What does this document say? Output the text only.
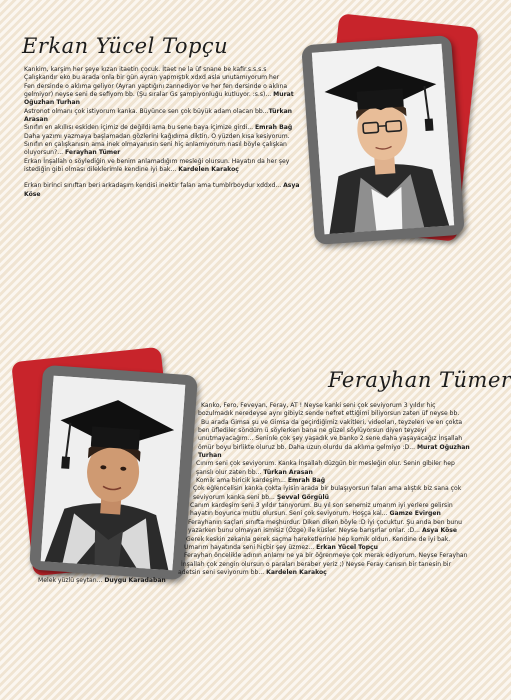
Erkan Yücel Topçu

Kankim, karşim her şeye kızan itaetin çocuk. İtaet ne la üf snane be kafir.s.s.s.s

Çalışkandır eko bu arada onla bir gün ayran yapmıştık xdxd asla unutamıyorum her

Fen dersinde o aklıma geliyor (Ayran yaptığını zannediyor ve her fen dersinde o aklına

gelmiyor) neyse seni de sefiyom bb. (Şu sıralar Gs şampiyonluğu kutluyor. :s.s)... Murat

Oğuzhan Turhan

Astronot olmanı çok istiyorum kanka. Büyünce sen çok büyük adam olacan bb...Türkan

Arasan

Sınıfın en akıllısı eskiden içimiz de değildi ama bu sene baya içimize girdi... Emrah Bağ

Daha yazımı yazmaya başlamadan gözlerini kağıdıma diktin. O yüzden kısa kesiyorum.

Sınıfın en çalışkanısın ama inek olmayanısın seni hiç anlamıyorum nasıl böyle çalışkan

oluyorsun?... Ferayhan Tümer

Erkan İnşallah o söylediğin ve benim anlamadığım mesleği olursun. Hayatın da her şey

istediğin gibi olması dileklerimle kendine iyi bak... Kardelen Karakoç

Erkan birinci sınıftan beri arkadaşım kendisi inektir falan ama tumblrboydur xddxd... Asya

Köse

Ferayhan Tümer

Kanko, Fero, Feveyan, Feray, AT ! Neyse kanki seni çok seviyorum 3 yıldır hiç

bozulmadık neredeyse aynı gibiyiz sende nefret ettiğimi biliyorsun zaten üf neyse bb.

Bu arada Gimsa şu ve Gimsa da geçirdiğimiz vakitleri, videoları, teyzeleri ve en çokta

ben üflediler söndüm ü söylerken bana ne güzel söylüyorsun diyen teyzeyi

unutmayacağım... Seninle çok şey yaşadık ve banko 2 sene daha yaşayacağız İnşallah

ömür boyu birlikte oluruz bb. Daha uzun olurdu da aklıma gelmiyo :D... Murat Oğuzhan

Turhan

Cınım seni çok seviyorum. Kanka İnşallah düzgün bir mesleğin olur. Senin gibiler hep

şanslı olur zaten bb... Türkan Arasan

Komik ama biricik kardeşim... Emrah Bağ

Çok eğlencelisin kanka çokta iyisin arada bir bulaşıyorsun falan ama alıştık biz sana çok

seviyorum kanka seni bb... Şevval Görgülü

Canım kardeşim seni 3 yıldır tanıyorum. Bu yıl son senemiz umarım iyi yerlere gelirsin

hayatın boyunca mutlu olursun. Seni çok seviyorum. Hoşça kal... Gamze Evirgen

Ferayhanın saçları sınıfta meşhurdur. Diken diken böyle :D iyi çocuktur. Şu anda ben bunu

yazarken bunu olmayan ismisiz (Özge) ile küsler. Neyse barışırlar onlar. :D... Asya Köse

Gerek keskin zekanla gerek saçma hareketlerinle hep komik oldun. Kendine de iyi bak.

Umarım hayatında seni hiçbir şey üzmez... Erkan Yücel Topçu

Ferayhan öncelikle adının anlamı ne ya bir öğrenmeye çok merak ediyorum. Neyse Ferayhan

İnşallah çok zengin olursun o paraları beraber yeriz ;) Neyse Feray canısın bir tanesin bir

adetsin seni seviyorum bb... Kardelen Karakoç

Melek yüzlü şeytan... Duygu Karadaban
